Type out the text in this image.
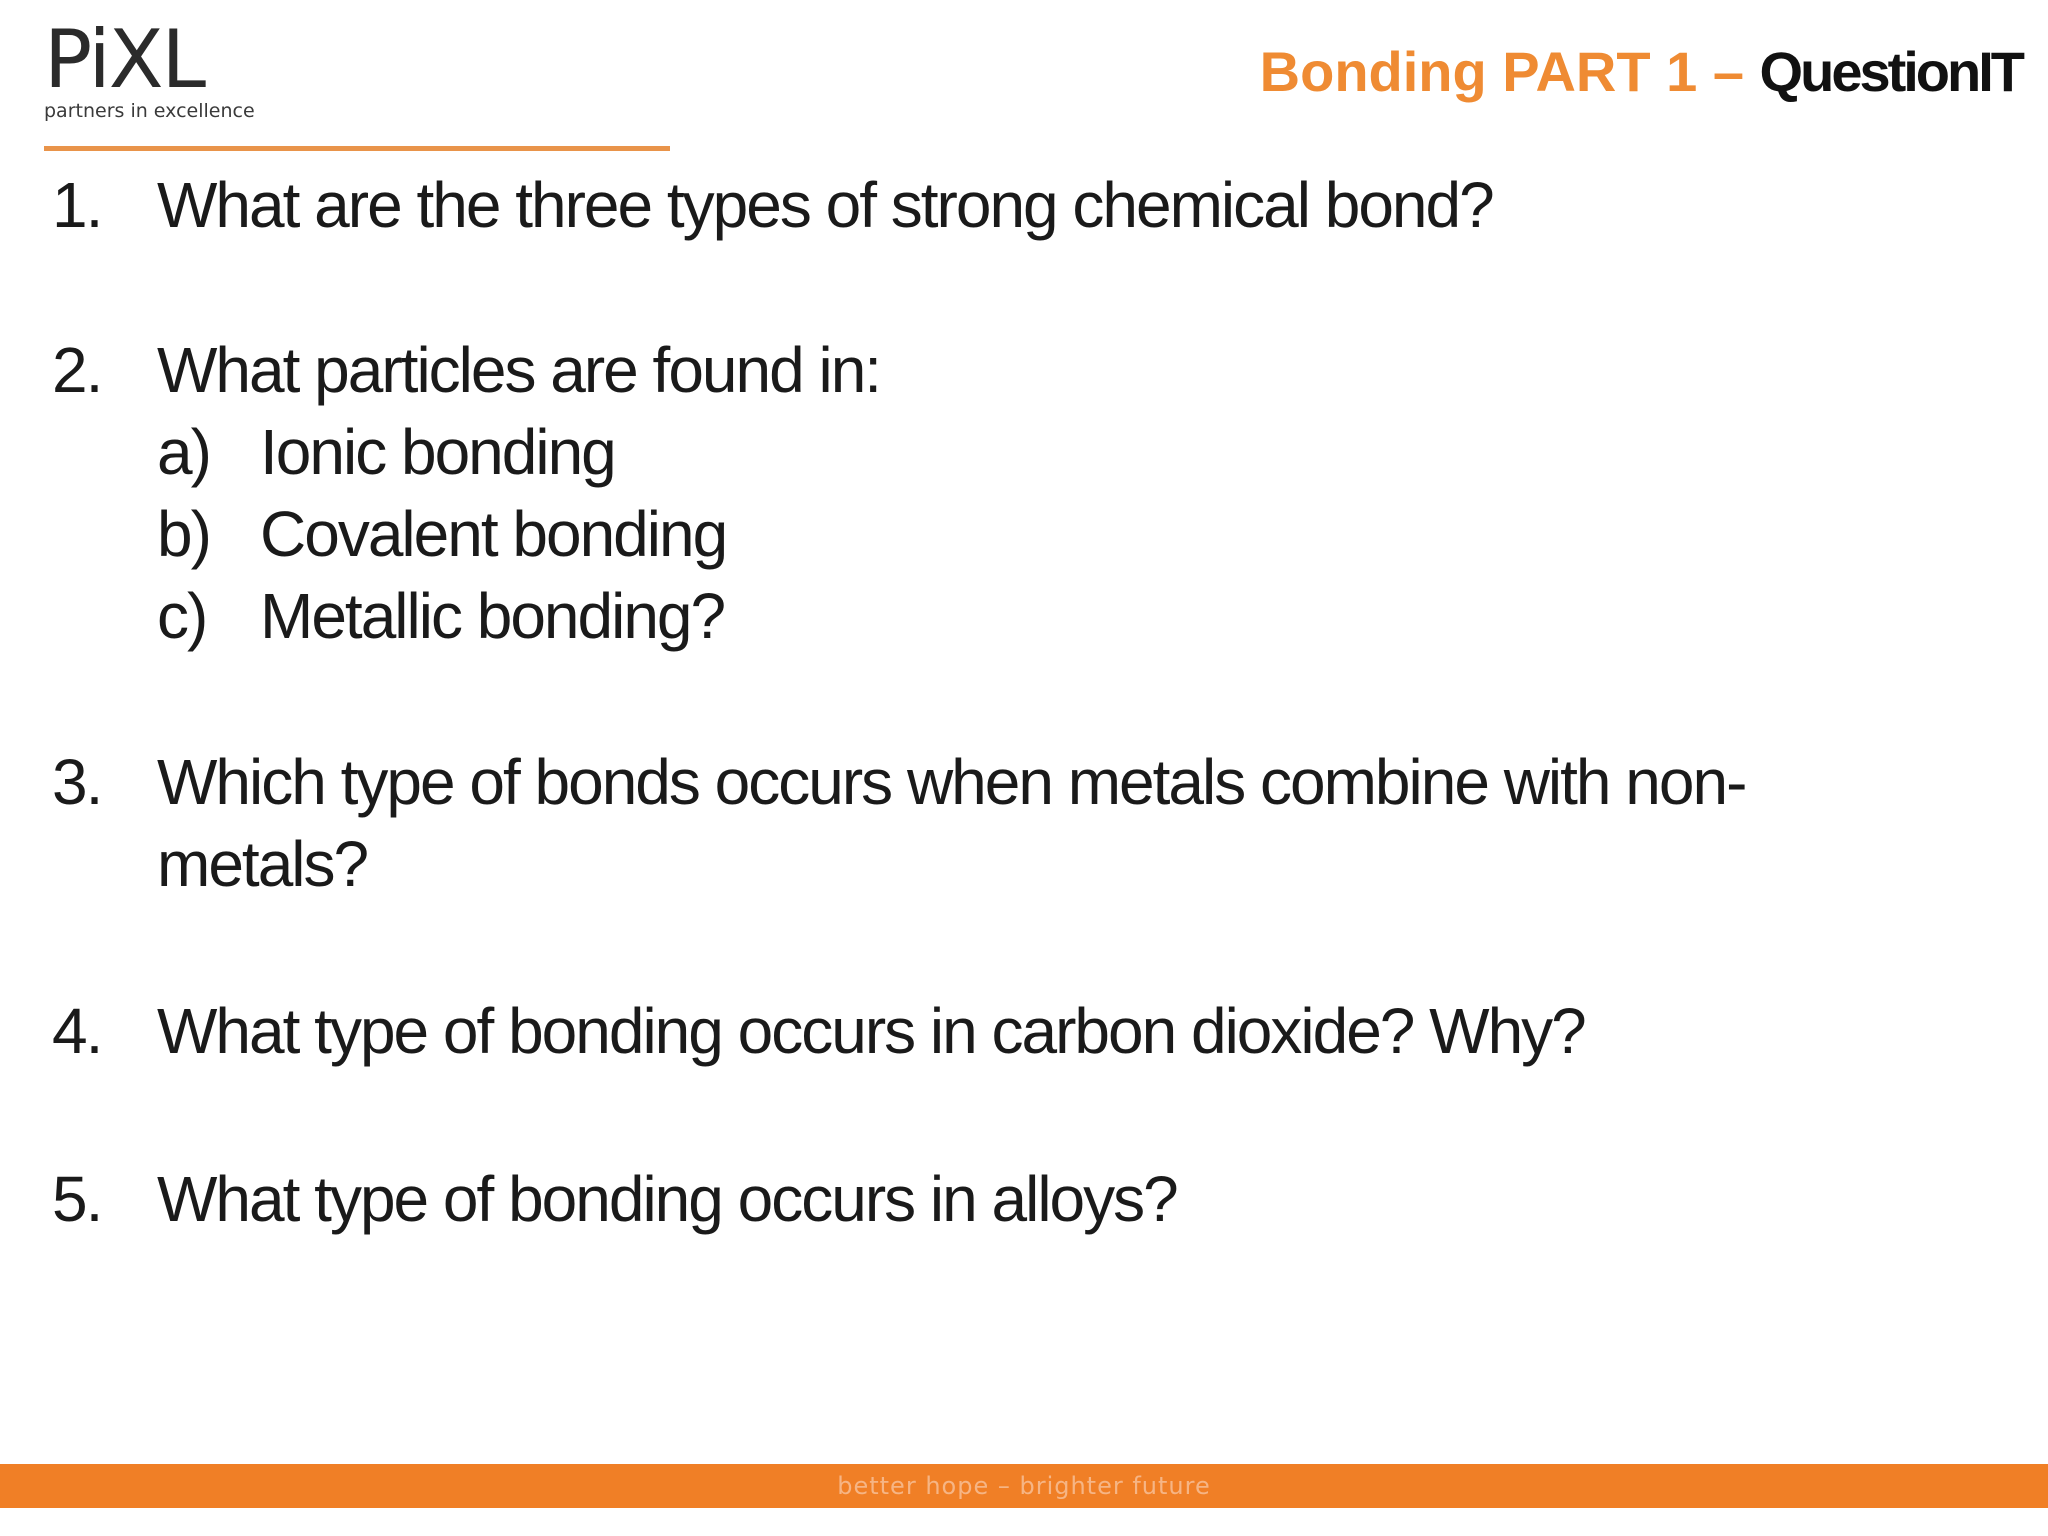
PiXL
partners in excellence
Bonding PART 1 – QuestionIT
1. What are the three types of strong chemical bond?
2. What particles are found in:
a) Ionic bonding
b) Covalent bonding
c) Metallic bonding?
3. Which type of bonds occurs when metals combine with non-
metals?
4. What type of bonding occurs in carbon dioxide? Why?
5. What type of bonding occurs in alloys?
better hope – brighter future
